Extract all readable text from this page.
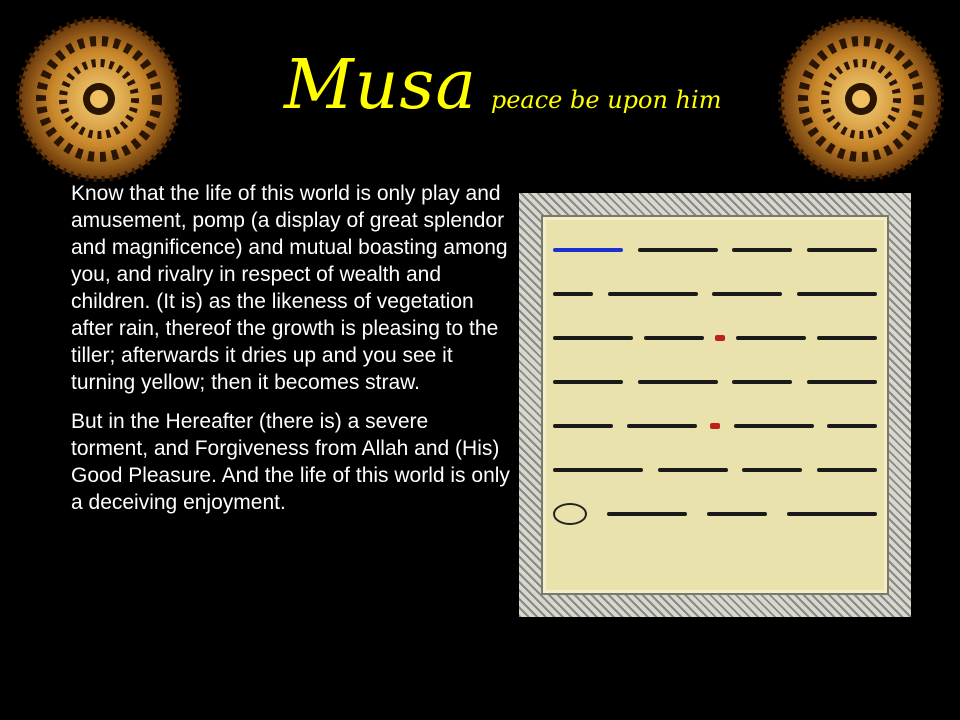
Musa peace be upon him

Know that the life of this world is only play and amusement, pomp (a display of great splendor and magnificence) and mutual boasting among you, and rivalry in respect of wealth and children. (It is) as the likeness of vegetation after rain, thereof the growth is pleasing to the tiller; afterwards it dries up and you see it turning yellow; then it becomes straw.

But in the Hereafter (there is) a severe torment, and Forgiveness from Allah and (His) Good Pleasure. And the life of this world is only a deceiving enjoyment.
